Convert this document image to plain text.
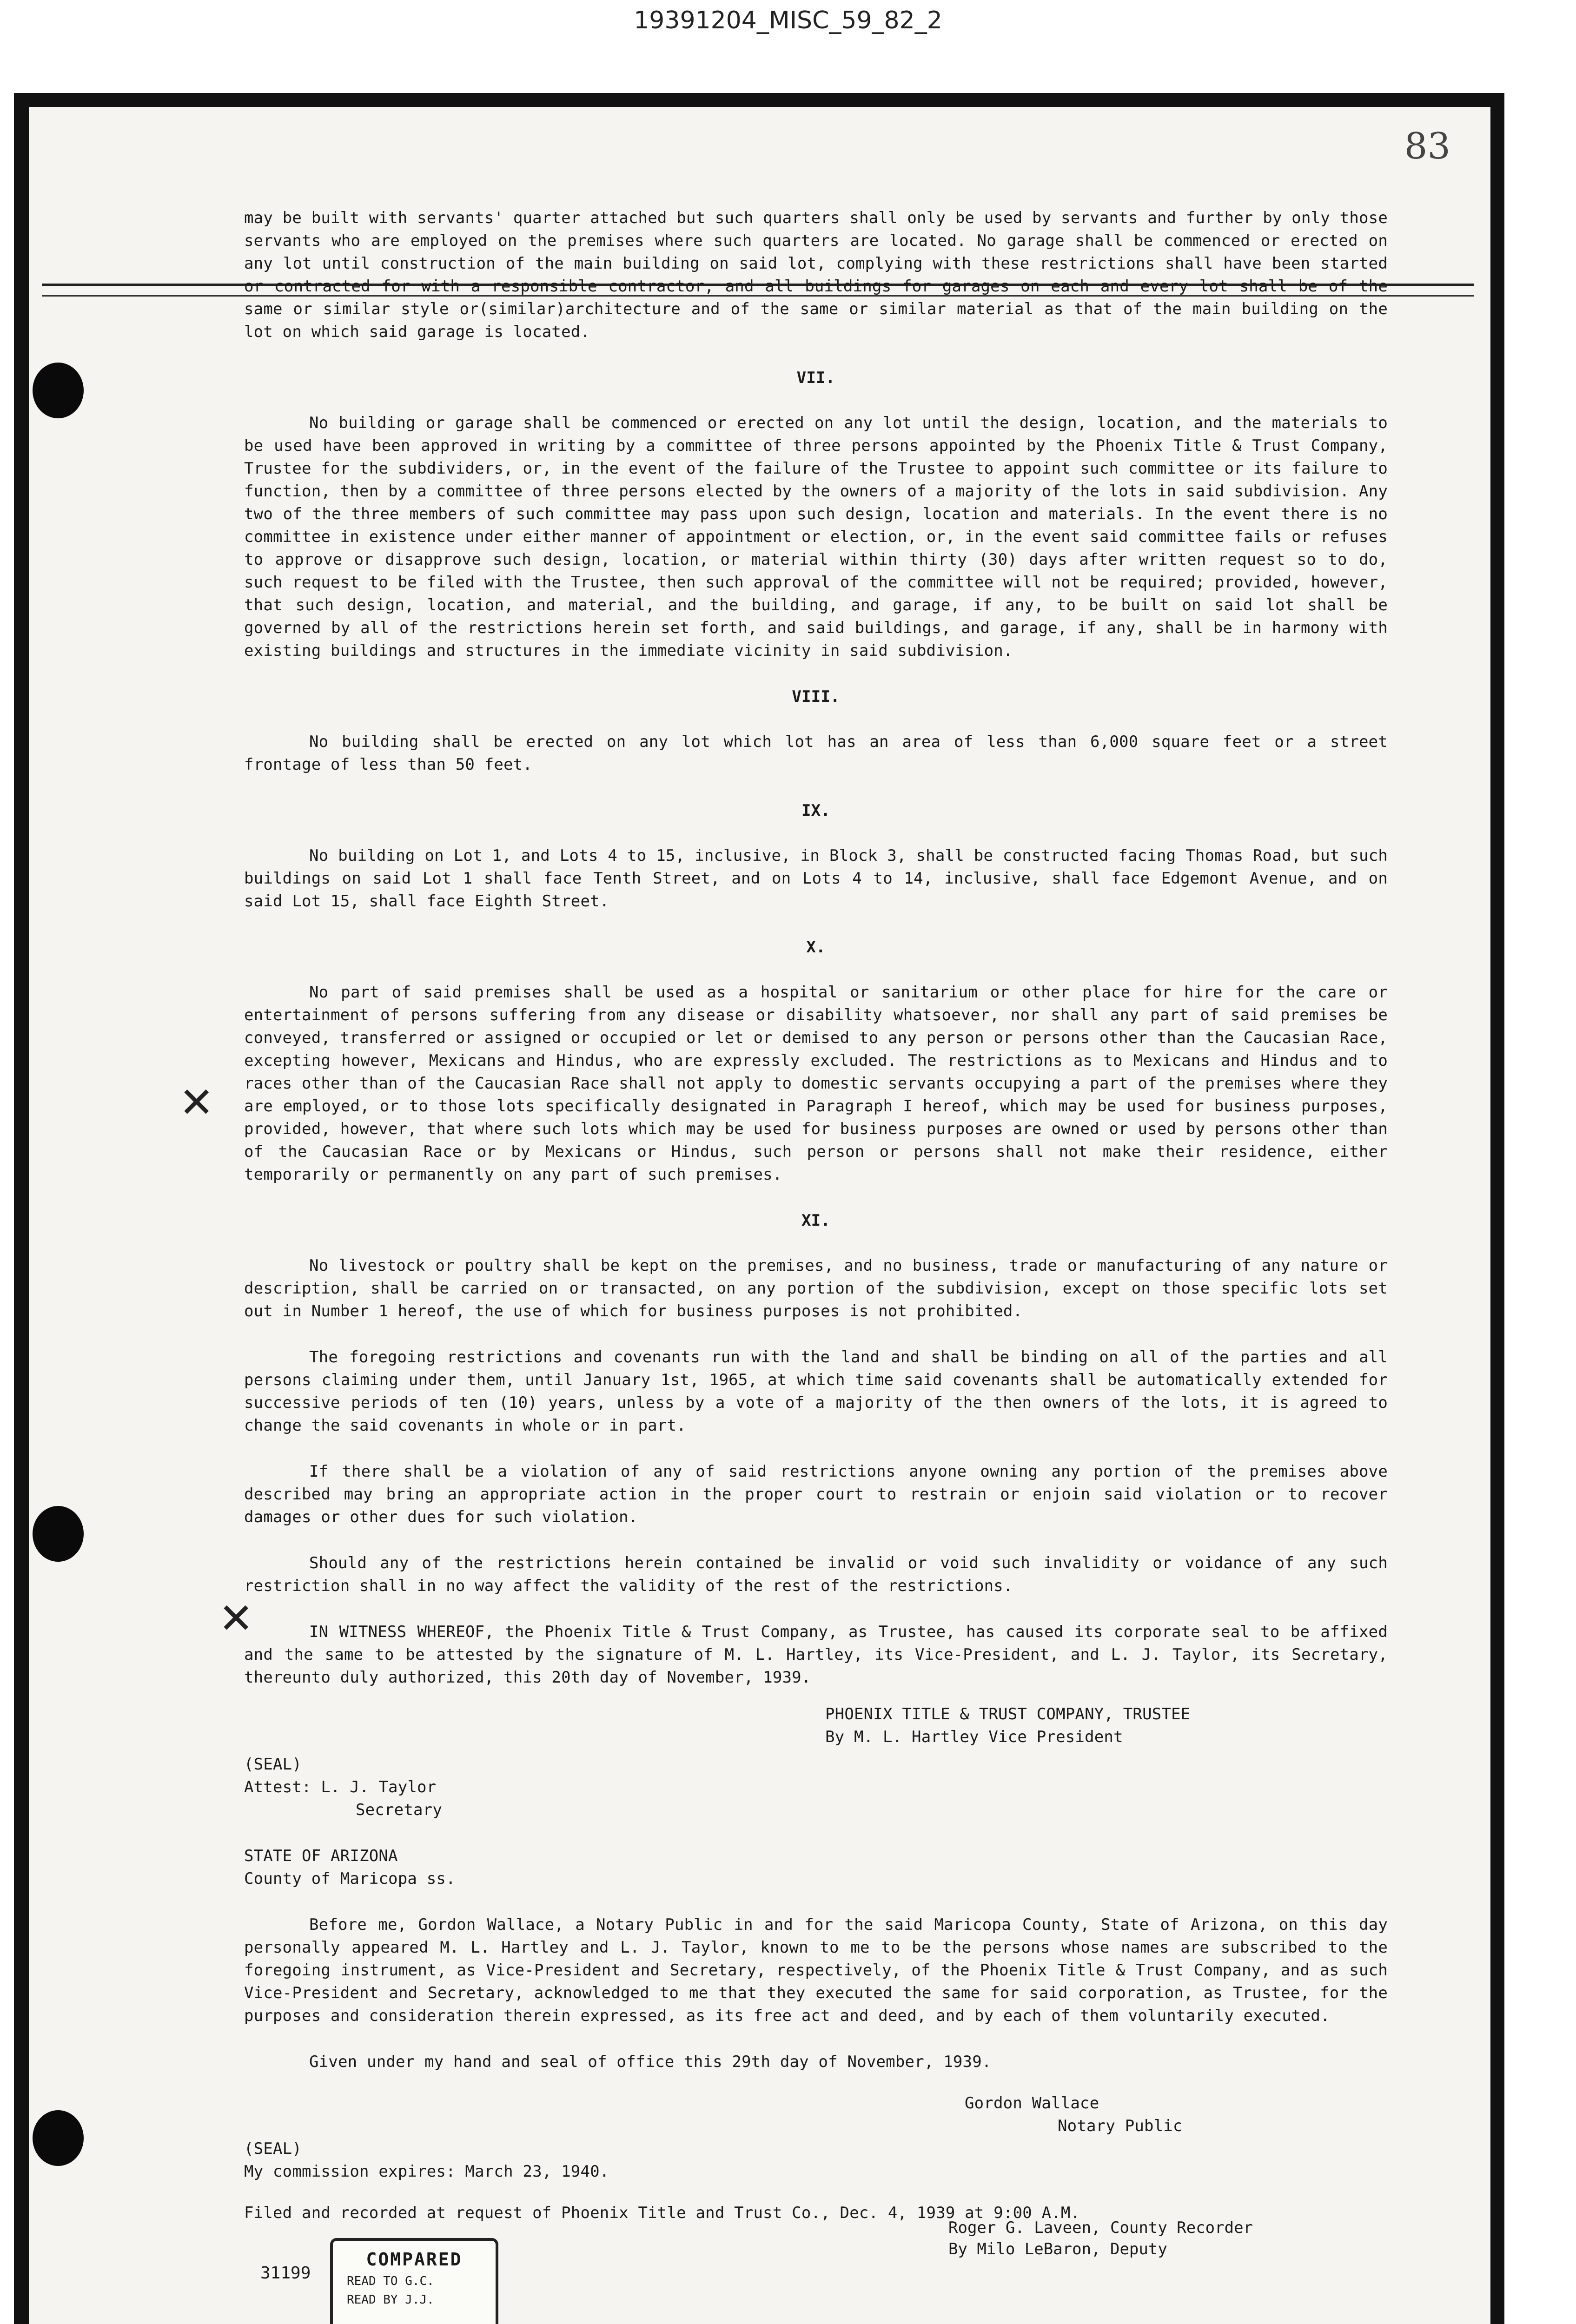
19391204_MISC_59_82_2
83
✕
✕

may be built with servants' quarter attached but such quarters shall only be used by servants and further by only those servants who are employed on the premises where such quarters are located. No garage shall be commenced or erected on any lot until construction of the main building on said lot, complying with these restrictions shall have been started or contracted for with a responsible contractor, and all buildings for garages on each and every lot shall be of the same or similar style or(similar)architecture and of the same or similar material as that of the main building on the lot on which said garage is located.

VII.

No building or garage shall be commenced or erected on any lot until the design, location, and the materials to be used have been approved in writing by a committee of three persons appointed by the Phoenix Title & Trust Company, Trustee for the subdividers, or, in the event of the failure of the Trustee to appoint such committee or its failure to function, then by a committee of three persons elected by the owners of a majority of the lots in said subdivision. Any two of the three members of such committee may pass upon such design, location and materials. In the event there is no committee in existence under either manner of appointment or election, or, in the event said committee fails or refuses to approve or disapprove such design, location, or material within thirty (30) days after written request so to do, such request to be filed with the Trustee, then such approval of the committee will not be required; provided, however, that such design, location, and material, and the building, and garage, if any, to be built on said lot shall be governed by all of the restrictions herein set forth, and said buildings, and garage, if any, shall be in harmony with existing buildings and structures in the immediate vicinity in said subdivision.

VIII.

No building shall be erected on any lot which lot has an area of less than 6,000 square feet or a street frontage of less than 50 feet.

IX.

No building on Lot 1, and Lots 4 to 15, inclusive, in Block 3, shall be constructed facing Thomas Road, but such buildings on said Lot 1 shall face Tenth Street, and on Lots 4 to 14, inclusive, shall face Edgemont Avenue, and on said Lot 15, shall face Eighth Street.

X.

No part of said premises shall be used as a hospital or sanitarium or other place for hire for the care or entertainment of persons suffering from any disease or disability whatsoever, nor shall any part of said premises be conveyed, transferred or assigned or occupied or let or demised to any person or persons other than the Caucasian Race, excepting however, Mexicans and Hindus, who are expressly excluded. The restrictions as to Mexicans and Hindus and to races other than of the Caucasian Race shall not apply to domestic servants occupying a part of the premises where they are employed, or to those lots specifically designated in Paragraph I hereof, which may be used for business purposes, provided, however, that where such lots which may be used for business purposes are owned or used by persons other than of the Caucasian Race or by Mexicans or Hindus, such person or persons shall not make their residence, either temporarily or permanently on any part of such premises.

XI.

No livestock or poultry shall be kept on the premises, and no business, trade or manufacturing of any nature or description, shall be carried on or transacted, on any portion of the subdivision, except on those specific lots set out in Number 1 hereof, the use of which for business purposes is not prohibited.

The foregoing restrictions and covenants run with the land and shall be binding on all of the parties and all persons claiming under them, until January 1st, 1965, at which time said covenants shall be automatically extended for successive periods of ten (10) years, unless by a vote of a majority of the then owners of the lots, it is agreed to change the said covenants in whole or in part.

If there shall be a violation of any of said restrictions anyone owning any portion of the premises above described may bring an appropriate action in the proper court to restrain or enjoin said violation or to recover damages or other dues for such violation.

Should any of the restrictions herein contained be invalid or void such invalidity or voidance of any such restriction shall in no way affect the validity of the rest of the restrictions.

IN WITNESS WHEREOF, the Phoenix Title & Trust Company, as Trustee, has caused its corporate seal to be affixed and the same to be attested by the signature of M. L. Hartley, its Vice-President, and L. J. Taylor, its Secretary, thereunto duly authorized, this 20th day of November, 1939.

PHOENIX TITLE & TRUST COMPANY, TRUSTEE
By M. L. Hartley Vice President
(SEAL)
Attest: L. J. Taylor
Secretary
STATE OF ARIZONA
County of Maricopa ss.

Before me, Gordon Wallace, a Notary Public in and for the said Maricopa County, State of Arizona, on this day personally appeared M. L. Hartley and L. J. Taylor, known to me to be the persons whose names are subscribed to the foregoing instrument, as Vice-President and Secretary, respectively, of the Phoenix Title & Trust Company, and as such Vice-President and Secretary, acknowledged to me that they executed the same for said corporation, as Trustee, for the purposes and consideration therein expressed, as its free act and deed, and by each of them voluntarily executed.

Given under my hand and seal of office this 29th day of November, 1939.

Gordon Wallace
Notary Public
(SEAL)
My commission expires: March 23, 1940.
Filed and recorded at request of Phoenix Title and Trust Co., Dec. 4, 1939 at 9:00 A.M.
Roger G. Laveen, County Recorder
By Milo LeBaron, Deputy
31199
COMPARED
READ TO G.C.
READ BY J.J.
